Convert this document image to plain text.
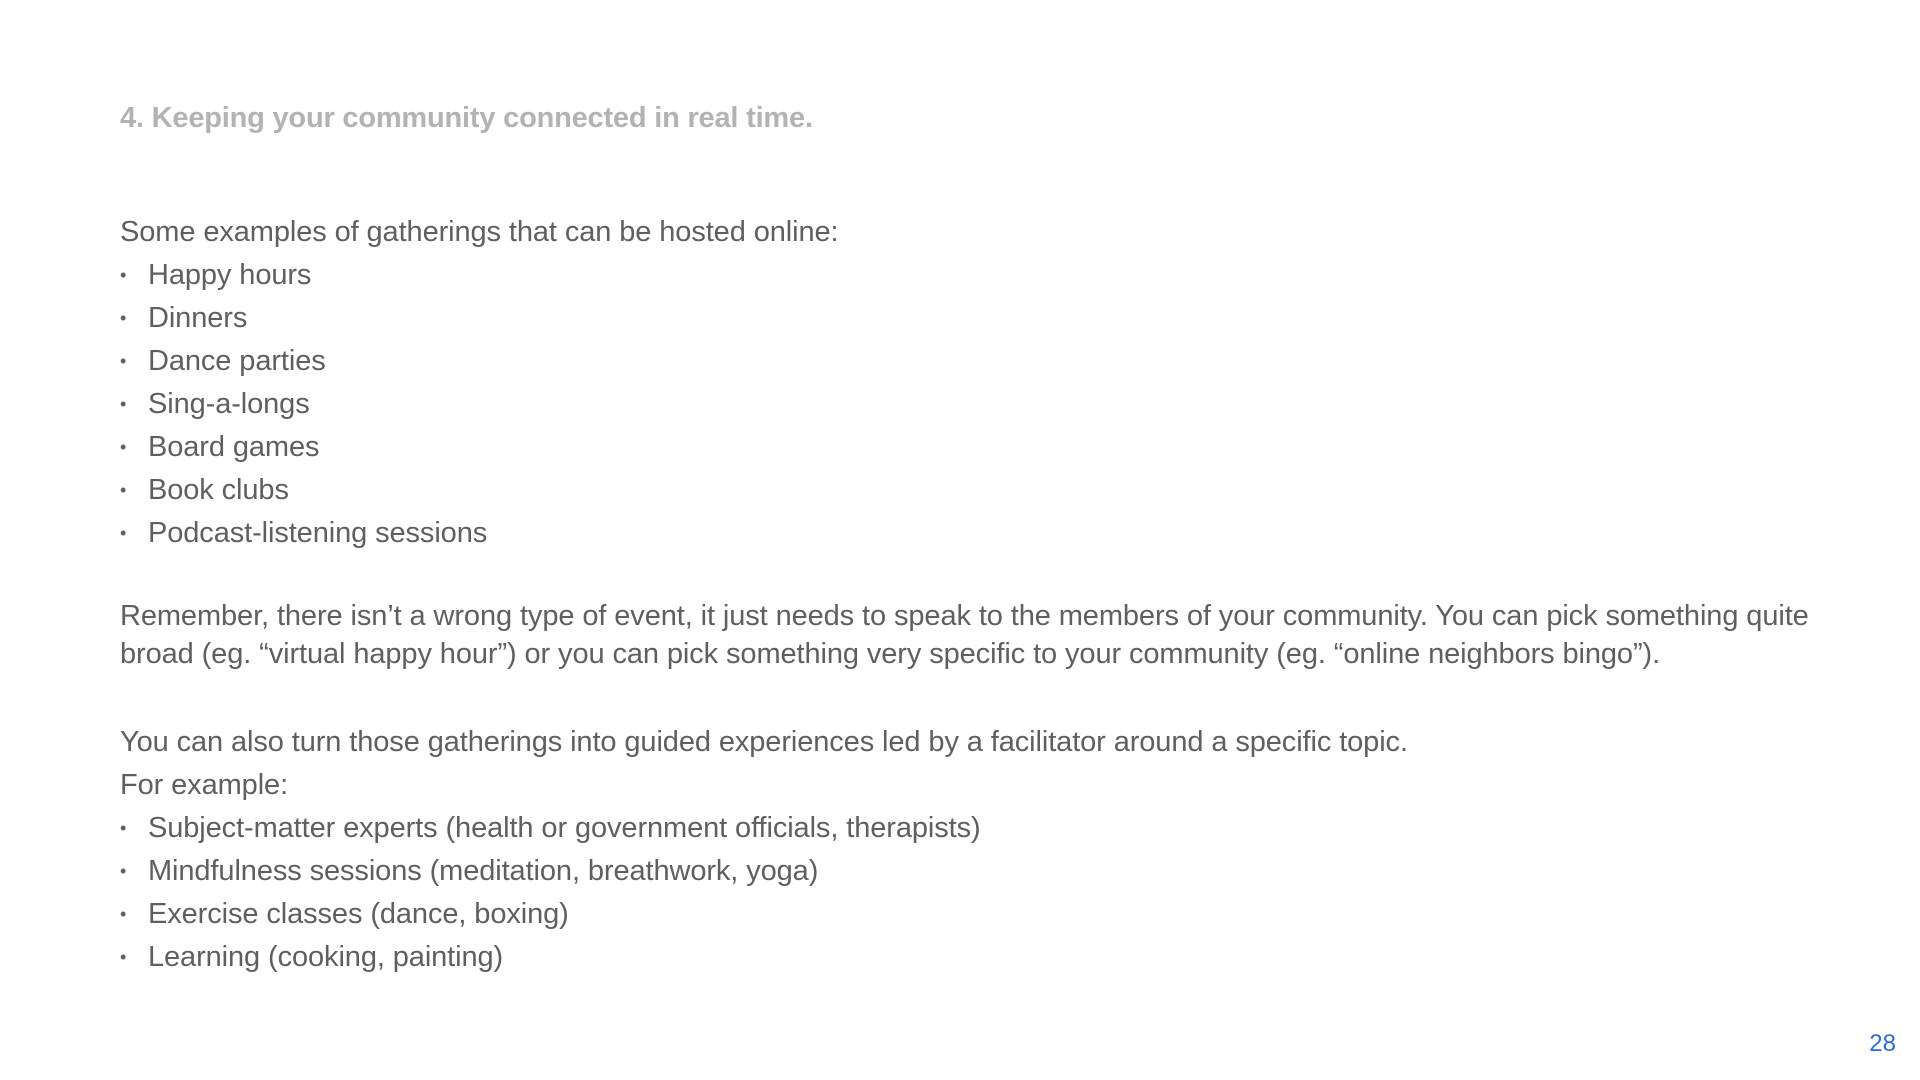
4. Keeping your community connected in real time.
Some examples of gatherings that can be hosted online:
• Happy hours
• Dinners
• Dance parties
• Sing-a-longs
• Board games
• Book clubs
• Podcast-listening sessions
Remember, there isn’t a wrong type of event, it just needs to speak to the members of your community. You can pick something quite broad (eg. “virtual happy hour”) or you can pick something very specific to your community (eg. “online neighbors bingo”).
You can also turn those gatherings into guided experiences led by a facilitator around a specific topic.
For example:
• Subject-matter experts (health or government officials, therapists)
• Mindfulness sessions (meditation, breathwork, yoga)
• Exercise classes (dance, boxing)
• Learning (cooking, painting)
28
